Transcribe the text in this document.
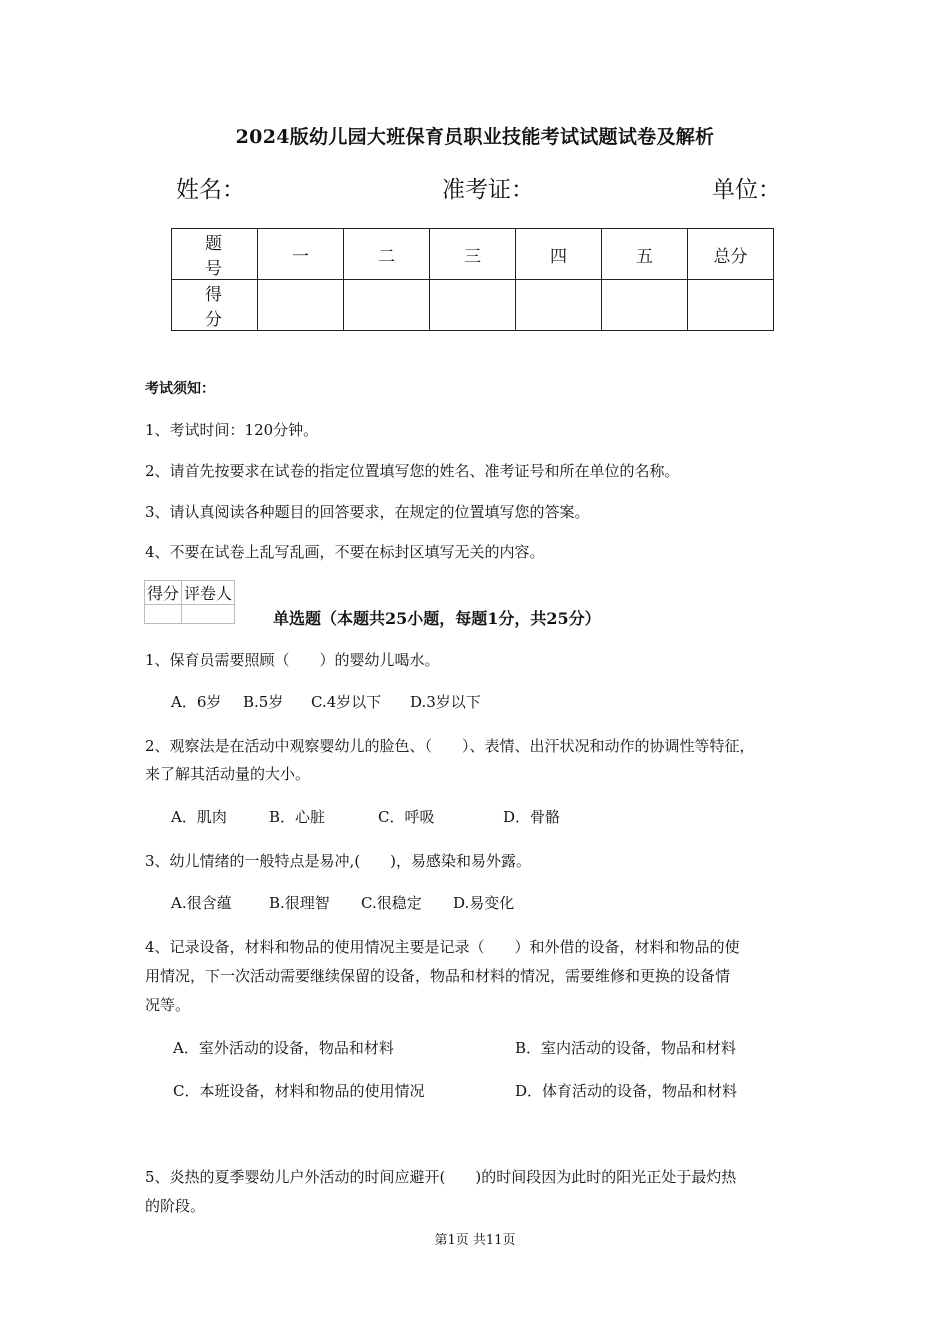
2024版幼儿园大班保育员职业技能考试试题试卷及解析
姓名：	准考证：	单位：
题 号	一	二	三	四	五	总分
得 分						
考试须知：
1、考试时间：120分钟。
2、请首先按要求在试卷的指定位置填写您的姓名、准考证号和所在单位的名称。
3、请认真阅读各种题目的回答要求，在规定的位置填写您的答案。
4、不要在试卷上乱写乱画，不要在标封区填写无关的内容。
得分	评卷人

单选题（本题共25小题，每题1分，共25分）
1、保育员需要照顾（　　）的婴幼儿喝水。
A．6岁 B.5岁 C.4岁以下 D.3岁以下
2、观察法是在活动中观察婴幼儿的脸色、（　　）、表情、出汗状况和动作的协调性等特征，
来了解其活动量的大小。
A．肌肉	B．心脏	C．呼吸	D．骨骼
3、幼儿情绪的一般特点是易冲,(　　)，易感染和易外露。
A.很含蕴 B.很理智 C.很稳定 D.易变化
4、记录设备，材料和物品的使用情况主要是记录（　　）和外借的设备，材料和物品的使
用情况，下一次活动需要继续保留的设备，物品和材料的情况，需要维修和更换的设备情
况等。
A．室外活动的设备，物品和材料	B．室内活动的设备，物品和材料
C．本班设备，材料和物品的使用情况	D．体育活动的设备，物品和材料
5、炎热的夏季婴幼儿户外活动的时间应避开(　　)的时间段因为此时的阳光正处于最灼热
的阶段。
第1页 共11页
